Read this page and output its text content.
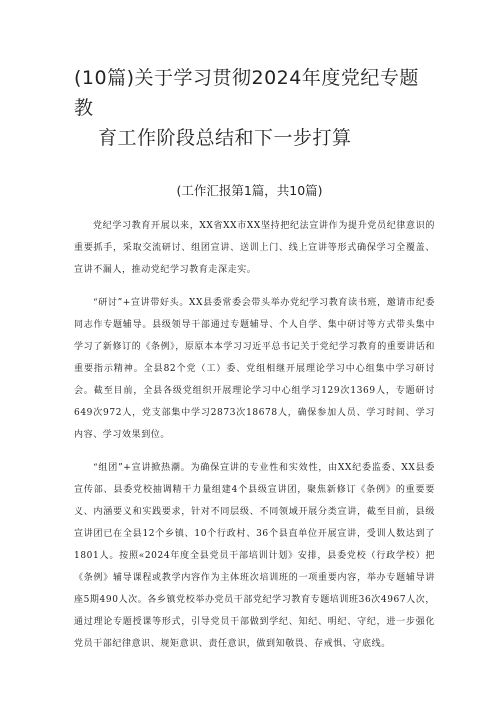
(10篇)关于学习贯彻2024年度党纪专题教
育工作阶段总结和下一步打算
(工作汇报第1篇，共10篇)

党纪学习教育开展以来，XX省XX市XX坚持把纪法宣讲作为提升党员纪律意识的重要抓手，采取交流研讨、组团宣讲、送训上门、线上宣讲等形式确保学习全覆盖、宣讲不漏人，推动党纪学习教育走深走实。

“研讨”+宣讲带好头。XX县委常委会带头举办党纪学习教育读书班，邀请市纪委同志作专题辅导。县级领导干部通过专题辅导、个人自学、集中研讨等方式带头集中学习了新修订的《条例》，原原本本学习习近平总书记关于党纪学习教育的重要讲话和重要指示精神。全县82个党（工）委、党组相继开展理论学习中心组集中学习研讨会。截至目前，全县各级党组织开展理论学习中心组学习129次1369人，专题研讨649次972人，党支部集中学习2873次18678人，确保参加人员、学习时间、学习内容、学习效果到位。

“组团”+宣讲掀热潮。为确保宣讲的专业性和实效性，由XX纪委监委、XX县委宣传部、县委党校抽调精干力量组建4个县级宣讲团，聚焦新修订《条例》的重要要义、内涵要义和实践要求，针对不同层级、不同领域开展分类宣讲，截至目前，县级宣讲团已在全县12个乡镇、10个行政村、36个县直单位开展宣讲，受训人数达到了1801人。按照«2024年度全县党员干部培训计划》安排，县委党校（行政学校）把《条例》辅导课程或教学内容作为主体班次培训班的一项重要内容，举办专题辅导讲座5期490人次。各乡镇党校举办党员干部党纪学习教育专题培训班36次4967人次，通过理论专题授课等形式，引导党员干部做到学纪、知纪、明纪、守纪，进一步强化党员干部纪律意识、规矩意识、责任意识，做到知敬畏、存戒惧、守底线。
